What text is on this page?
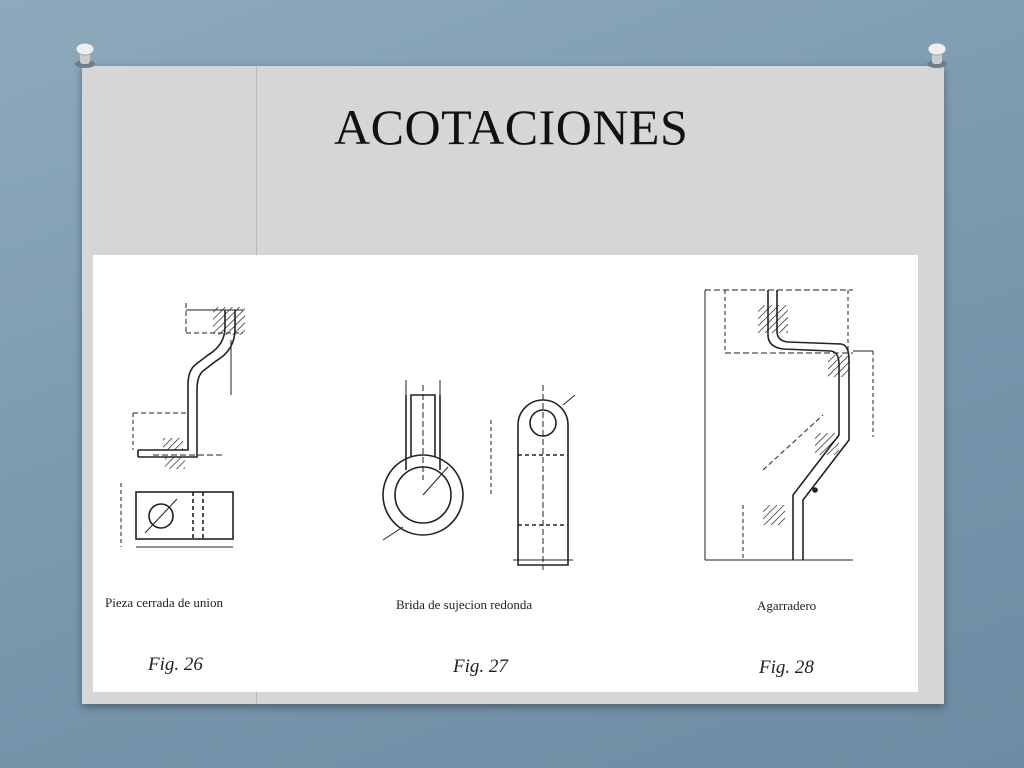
ACOTACIONES
Pieza cerrada de union	Brida de sujecion redonda	Agarradero
Fig. 26	Fig. 27	Fig. 28
